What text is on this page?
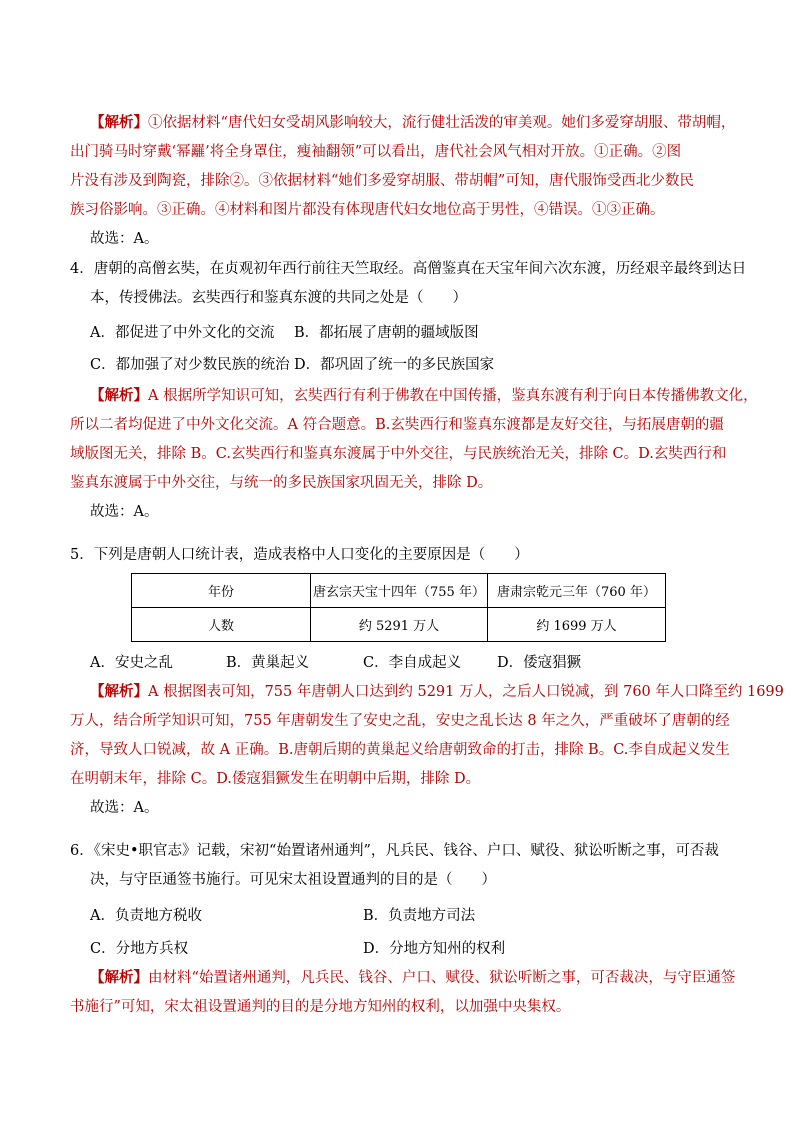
【解析】①依据材料“唐代妇女受胡风影响较大，流行健壮活泼的审美观。她们多爱穿胡服、带胡帽，
出门骑马时穿戴‘幂䍦’将全身罩住，瘦袖翻领”可以看出，唐代社会风气相对开放。①正确。②图
片没有涉及到陶瓷，排除②。③依据材料“她们多爱穿胡服、带胡帽”可知，唐代服饰受西北少数民
族习俗影响。③正确。④材料和图片都没有体现唐代妇女地位高于男性，④错误。①③正确。
故选：A。
4．唐朝的高僧玄奘，在贞观初年西行前往天竺取经。高僧鉴真在天宝年间六次东渡，历经艰辛最终到达日
本，传授佛法。玄奘西行和鉴真东渡的共同之处是（　　）
A．都促进了中外文化的交流 B．都拓展了唐朝的疆域版图
C．都加强了对少数民族的统治 D．都巩固了统一的多民族国家
【解析】A 根据所学知识可知，玄奘西行有利于佛教在中国传播，鉴真东渡有利于向日本传播佛教文化，
所以二者均促进了中外文化交流。A 符合题意。B.玄奘西行和鉴真东渡都是友好交往，与拓展唐朝的疆
域版图无关，排除 B。C.玄奘西行和鉴真东渡属于中外交往，与民族统治无关，排除 C。D.玄奘西行和
鉴真东渡属于中外交往，与统一的多民族国家巩固无关，排除 D。
故选：A。
5．下列是唐朝人口统计表，造成表格中人口变化的主要原因是（　　）
年份	唐玄宗天宝十四年（755 年）	唐肃宗乾元三年（760 年）
人数	约 5291 万人	约 1699 万人
A．安史之乱	B．黄巢起义	C．李自成起义 D．倭寇猖獗
【解析】A 根据图表可知，755 年唐朝人口达到约 5291 万人，之后人口锐减，到 760 年人口降至约 1699
万人，结合所学知识可知，755 年唐朝发生了安史之乱，安史之乱长达 8 年之久，严重破坏了唐朝的经
济，导致人口锐减，故 A 正确。B.唐朝后期的黄巢起义给唐朝致命的打击，排除 B。C.李自成起义发生
在明朝末年，排除 C。D.倭寇猖獗发生在明朝中后期，排除 D。
故选：A。
6．《宋史•职官志》记载，宋初“始置诸州通判”，凡兵民、钱谷、户口、赋役、狱讼听断之事，可否裁
决，与守臣通签书施行。可见宋太祖设置通判的目的是（　　）
A．负责地方税收	B．负责地方司法
C．分地方兵权	D．分地方知州的权利
【解析】由材料“始置诸州通判，凡兵民、钱谷、户口、赋役、狱讼听断之事，可否裁决，与守臣通签
书施行”可知，宋太祖设置通判的目的是分地方知州的权利，以加强中央集权。
